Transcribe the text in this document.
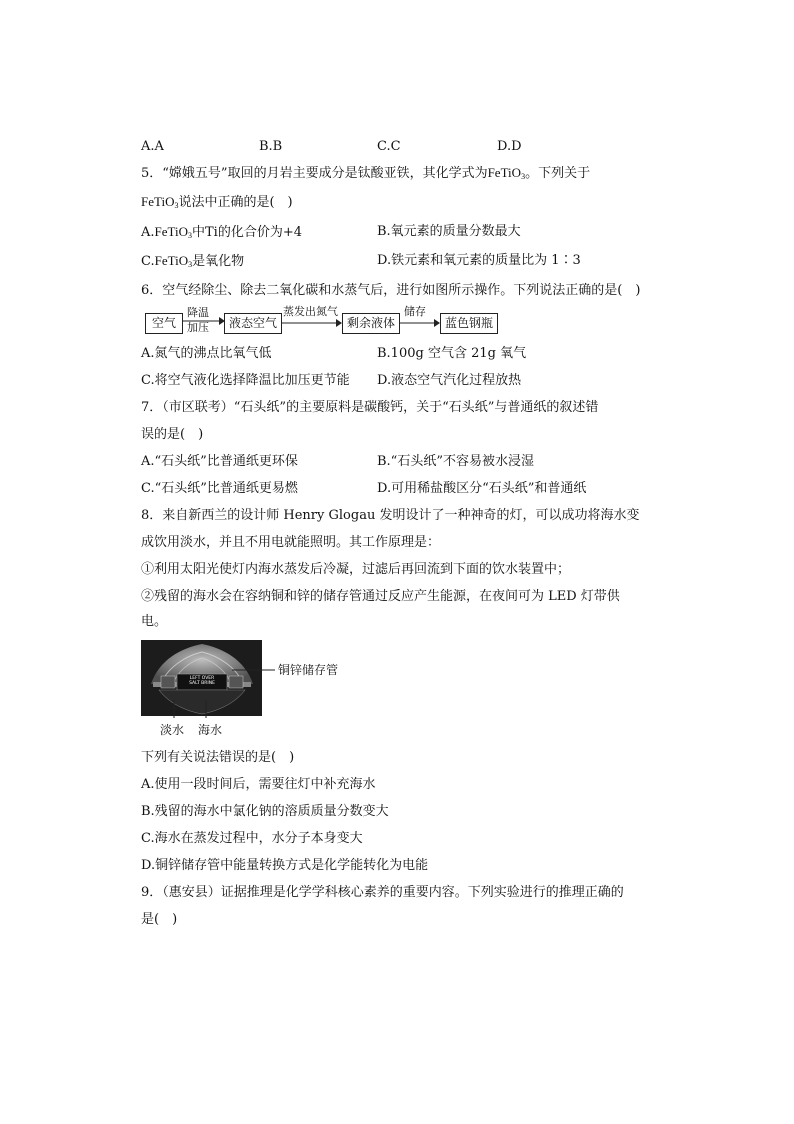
A.A	B.B	C.C	D.D
5．“嫦娥五号”取回的月岩主要成分是钛酸亚铁，其化学式为FeTiO$_3$。下列关于
FeTiO$_3$说法中正确的是(　)
A.FeTiO$_3$中Ti的化合价为+4	B.氧元素的质量分数最大
C.FeTiO$_3$是氧化物	D.铁元素和氧元素的质量比为 1∶3
6．空气经除尘、除去二氧化碳和水蒸气后，进行如图所示操作。下列说法正确的是(　)
空气
降温
加压	液态空气
蒸发出氮气
剩余液体
储存
蓝色钢瓶
A.氮气的沸点比氧气低	B.100g 空气含 21g 氧气
C.将空气液化选择降温比加压更节能 D.液态空气汽化过程放热
7．（市区联考）“石头纸”的主要原料是碳酸钙，关于“石头纸”与普通纸的叙述错
误的是(　)
A.“石头纸”比普通纸更环保	B.“石头纸”不容易被水浸湿
C.“石头纸”比普通纸更易燃	D.可用稀盐酸区分“石头纸”和普通纸
8．来自新西兰的设计师 Henry Glogau 发明设计了一种神奇的灯，可以成功将海水变
成饮用淡水，并且不用电就能照明。其工作原理是：
①利用太阳光使灯内海水蒸发后冷凝，过滤后再回流到下面的饮水装置中；
②残留的海水会在容纳铜和锌的储存管通过反应产生能源，在夜间可为 LED 灯带供
电。
LEFT OVER
SALT BRINE
铜锌储存管
淡水 海水
下列有关说法错误的是(　)
A.使用一段时间后，需要往灯中补充海水
B.残留的海水中氯化钠的溶质质量分数变大
C.海水在蒸发过程中，水分子本身变大
D.铜锌储存管中能量转换方式是化学能转化为电能
9．（惠安县）证据推理是化学学科核心素养的重要内容。下列实验进行的推理正确的
是(　)
